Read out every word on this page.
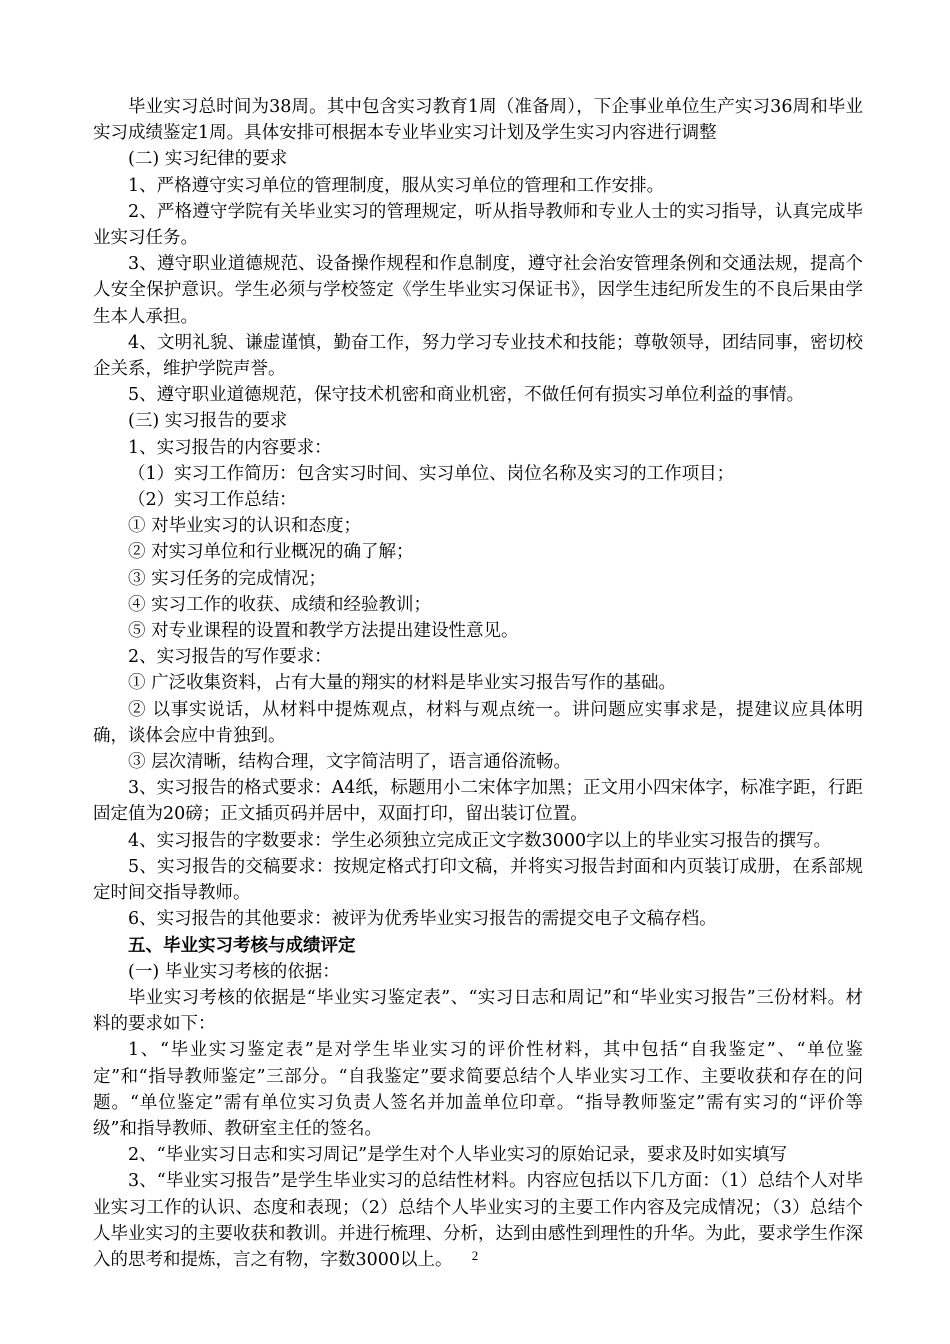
毕业实习总时间为38周。其中包含实习教育1周（准备周），下企事业单位生产实习36周和毕业实习成绩鉴定1周。具体安排可根据本专业毕业实习计划及学生实习内容进行调整

(二) 实习纪律的要求

1、严格遵守实习单位的管理制度，服从实习单位的管理和工作安排。

2、严格遵守学院有关毕业实习的管理规定，听从指导教师和专业人士的实习指导，认真完成毕业实习任务。

3、遵守职业道德规范、设备操作规程和作息制度，遵守社会治安管理条例和交通法规，提高个人安全保护意识。学生必须与学校签定《学生毕业实习保证书》，因学生违纪所发生的不良后果由学生本人承担。

4、文明礼貌、谦虚谨慎，勤奋工作，努力学习专业技术和技能；尊敬领导，团结同事，密切校企关系，维护学院声誉。

5、遵守职业道德规范，保守技术机密和商业机密，不做任何有损实习单位利益的事情。

(三) 实习报告的要求

1、实习报告的内容要求：

（1）实习工作简历：包含实习时间、实习单位、岗位名称及实习的工作项目；

（2）实习工作总结：

① 对毕业实习的认识和态度；

② 对实习单位和行业概况的确了解；

③ 实习任务的完成情况；

④ 实习工作的收获、成绩和经验教训；

⑤ 对专业课程的设置和教学方法提出建设性意见。

2、实习报告的写作要求：

① 广泛收集资料，占有大量的翔实的材料是毕业实习报告写作的基础。

② 以事实说话，从材料中提炼观点，材料与观点统一。讲问题应实事求是，提建议应具体明确，谈体会应中肯独到。

③ 层次清晰，结构合理，文字简洁明了，语言通俗流畅。

3、实习报告的格式要求：A4纸，标题用小二宋体字加黑；正文用小四宋体字，标准字距，行距固定值为20磅；正文插页码并居中，双面打印，留出装订位置。

4、实习报告的字数要求：学生必须独立完成正文字数3000字以上的毕业实习报告的撰写。

5、实习报告的交稿要求：按规定格式打印文稿，并将实习报告封面和内页装订成册，在系部规定时间交指导教师。

6、实习报告的其他要求：被评为优秀毕业实习报告的需提交电子文稿存档。

五、毕业实习考核与成绩评定

(一) 毕业实习考核的依据：

毕业实习考核的依据是“毕业实习鉴定表”、“实习日志和周记”和“毕业实习报告”三份材料。材料的要求如下：

1、“毕业实习鉴定表”是对学生毕业实习的评价性材料，其中包括“自我鉴定”、“单位鉴定”和“指导教师鉴定”三部分。“自我鉴定”要求简要总结个人毕业实习工作、主要收获和存在的问题。“单位鉴定”需有单位实习负责人签名并加盖单位印章。“指导教师鉴定”需有实习的“评价等级”和指导教师、教研室主任的签名。

2、“毕业实习日志和实习周记”是学生对个人毕业实习的原始记录，要求及时如实填写

3、“毕业实习报告”是学生毕业实习的总结性材料。内容应包括以下几方面：（1）总结个人对毕业实习工作的认识、态度和表现；（2）总结个人毕业实习的主要工作内容及完成情况；（3）总结个人毕业实习的主要收获和教训。并进行梳理、分析，达到由感性到理性的升华。为此，要求学生作深入的思考和提炼，言之有物，字数3000以上。	2
